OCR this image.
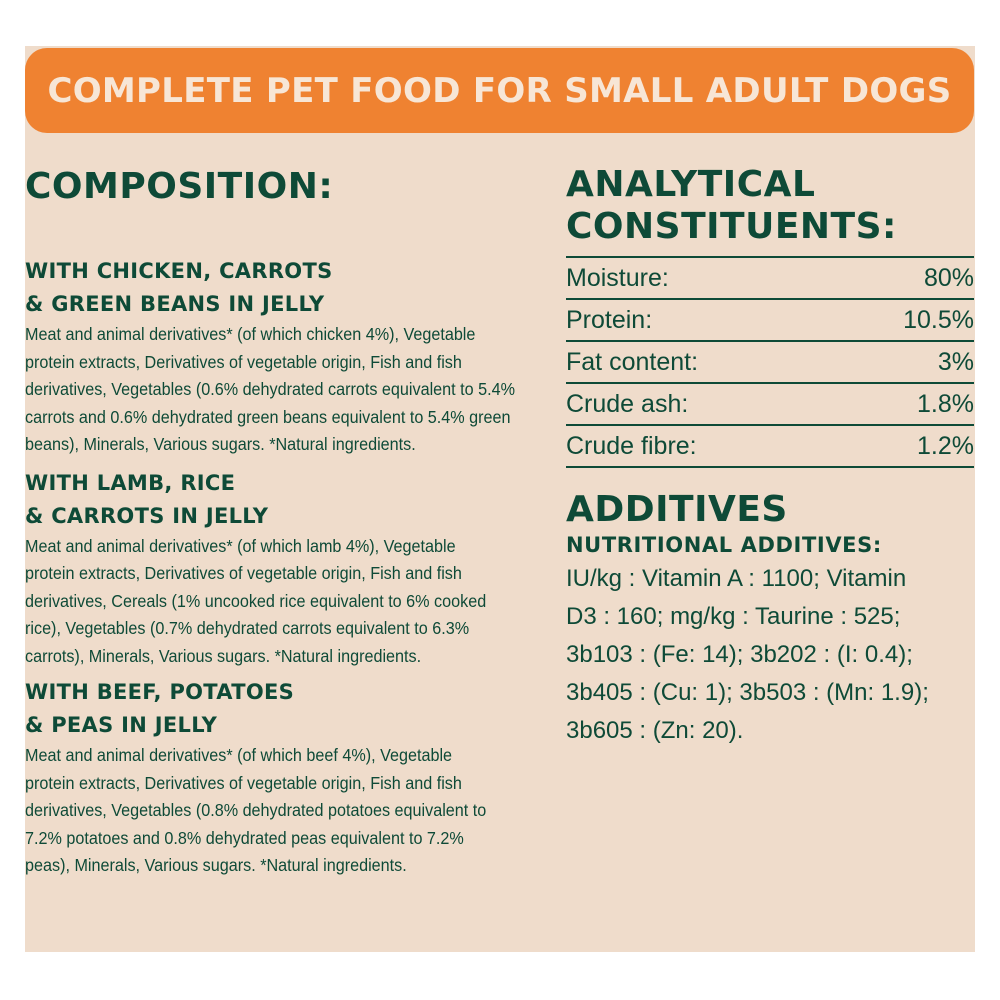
COMPLETE PET FOOD FOR SMALL ADULT DOGS
COMPOSITION:
WITH CHICKEN, CARROTS
& GREEN BEANS IN JELLY
Meat and animal derivatives* (of which chicken 4%), Vegetable
protein extracts, Derivatives of vegetable origin, Fish and fish
derivatives, Vegetables (0.6% dehydrated carrots equivalent to 5.4%
carrots and 0.6% dehydrated green beans equivalent to 5.4% green
beans), Minerals, Various sugars. *Natural ingredients.
WITH LAMB, RICE
& CARROTS IN JELLY
Meat and animal derivatives* (of which lamb 4%), Vegetable
protein extracts, Derivatives of vegetable origin, Fish and fish
derivatives, Cereals (1% uncooked rice equivalent to 6% cooked
rice), Vegetables (0.7% dehydrated carrots equivalent to 6.3%
carrots), Minerals, Various sugars. *Natural ingredients.
WITH BEEF, POTATOES
& PEAS IN JELLY
Meat and animal derivatives* (of which beef 4%), Vegetable
protein extracts, Derivatives of vegetable origin, Fish and fish
derivatives, Vegetables (0.8% dehydrated potatoes equivalent to
7.2% potatoes and 0.8% dehydrated peas equivalent to 7.2%
peas), Minerals, Various sugars. *Natural ingredients.
ANALYTICAL
CONSTITUENTS:
Moisture:	80%
Protein:	10.5%
Fat content:	3%
Crude ash:	1.8%
Crude fibre:	1.2%
ADDITIVES
NUTRITIONAL ADDITIVES:
IU/kg : Vitamin A : 1100; Vitamin
D3 : 160; mg/kg : Taurine : 525;
3b103 : (Fe: 14); 3b202 : (I: 0.4);
3b405 : (Cu: 1); 3b503 : (Mn: 1.9);
3b605 : (Zn: 20).
